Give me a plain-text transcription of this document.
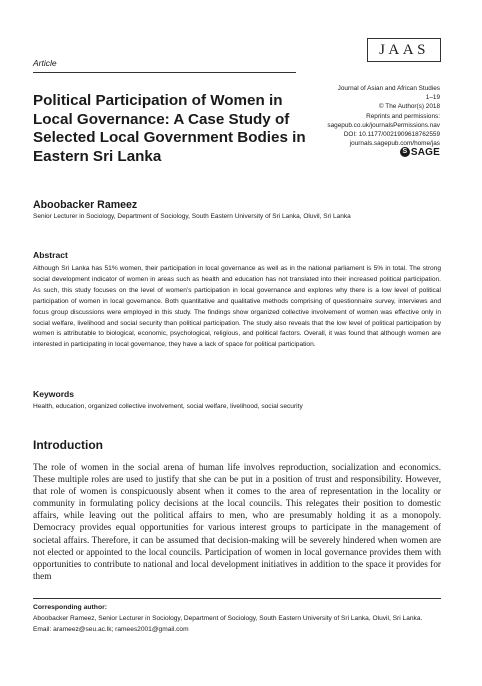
Article
JAAS
Journal of Asian and African Studies
1–19
© The Author(s) 2018
Reprints and permissions:
sagepub.co.uk/journalsPermissions.nav
DOI: 10.1177/0021909618762559
journals.sagepub.com/home/jas
S SAGE
Political Participation of Women in Local Governance: A Case Study of Selected Local Government Bodies in Eastern Sri Lanka
Aboobacker Rameez
Senior Lecturer in Sociology, Department of Sociology, South Eastern University of Sri Lanka, Oluvil, Sri Lanka
Abstract
Although Sri Lanka has 51% women, their participation in local governance as well as in the national parliament is 5% in total. The strong social development indicator of women in areas such as health and education has not translated into their increased political participation. As such, this study focuses on the level of women’s participation in local governance and explores why there is a low level of political participation of women in local governance. Both quantitative and qualitative methods comprising of questionnaire survey, interviews and focus group discussions were employed in this study. The findings show organized collective involvement of women was effective only in social welfare, livelihood and social security than political participation. The study also reveals that the low level of political participation by women is attributable to biological, economic, psychological, religious, and political factors. Overall, it was found that although women are interested in participating in local governance, they have a lack of space for political participation.
Keywords
Health, education, organized collective involvement, social welfare, livelihood, social security
Introduction
The role of women in the social arena of human life involves reproduction, socialization and economics. These multiple roles are used to justify that she can be put in a position of trust and responsibility. However, that role of women is conspicuously absent when it comes to the area of representation in the locality or community in formulating policy decisions at the local councils. This relegates their position to domestic affairs, while leaving out the political affairs to men, who are presumably holding it as a monopoly. Democracy provides equal opportunities for various interest groups to participate in the management of societal affairs. Therefore, it can be assumed that decision-making will be severely hindered when women are not elected or appointed to the local councils. Participation of women in local governance provides them with opportunities to contribute to national and local development initiatives in addition to the space it provides for them
Corresponding author:
Aboobacker Rameez, Senior Lecturer in Sociology, Department of Sociology, South Eastern University of Sri Lanka, Oluvil, Sri Lanka.
Email: arameez@seu.ac.lk; ramees2001@gmail.com
